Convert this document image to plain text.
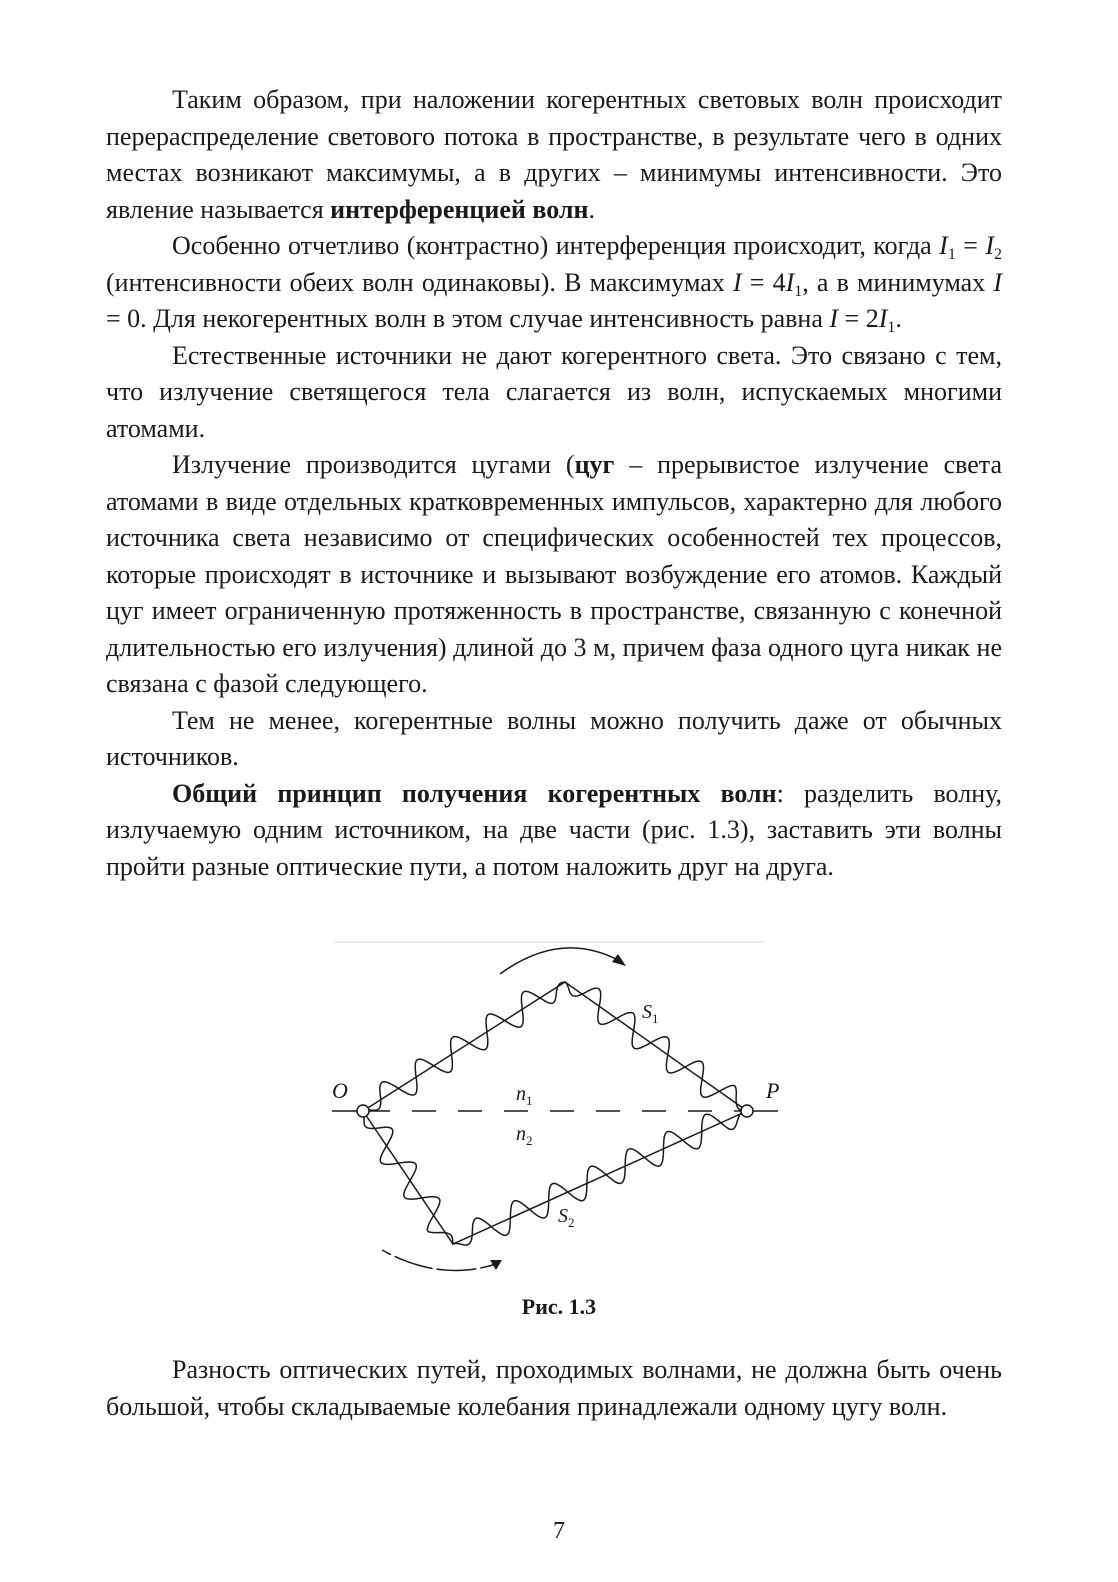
Таким образом, при наложении когерентных световых волн происходит перераспределение светового потока в пространстве, в результате чего в одних местах возникают максимумы, а в других – минимумы интенсивности. Это явление называется интерференцией волн.

Особенно отчетливо (контрастно) интерференция происходит, когда $I_1 = I_2$ (интенсивности обеих волн одинаковы). В максимумах $I = 4I_1$, а в минимумах I = 0. Для некогерентных волн в этом случае интенсивность равна $I = 2I_1$.

Естественные источники не дают когерентного света. Это связано с тем, что излучение светящегося тела слагается из волн, испускаемых многими атомами.

Излучение производится цугами (цуг – прерывистое излучение света атомами в виде отдельных кратковременных импульсов, характерно для любого источника света независимо от специфических особенностей тех процессов, которые происходят в источнике и вызывают возбуждение его атомов. Каждый цуг имеет ограниченную протяженность в пространстве, связанную с конечной длительностью его излучения) длиной до 3 м, причем фаза одного цуга никак не связана с фазой следующего.

Тем не менее, когерентные волны можно получить даже от обычных источников.

Общий принцип получения когерентных волн: разделить волну, излучаемую одним источником, на две части (рис. 1.3), заставить эти волны пройти разные оптические пути, а потом наложить друг на друга.

O	P
$S_1$
$S_2$
$n_1$
$n_2$
Рис. 1.3

Разность оптических путей, проходимых волнами, не должна быть очень большой, чтобы складываемые колебания принадлежали одному цугу волн.

7
